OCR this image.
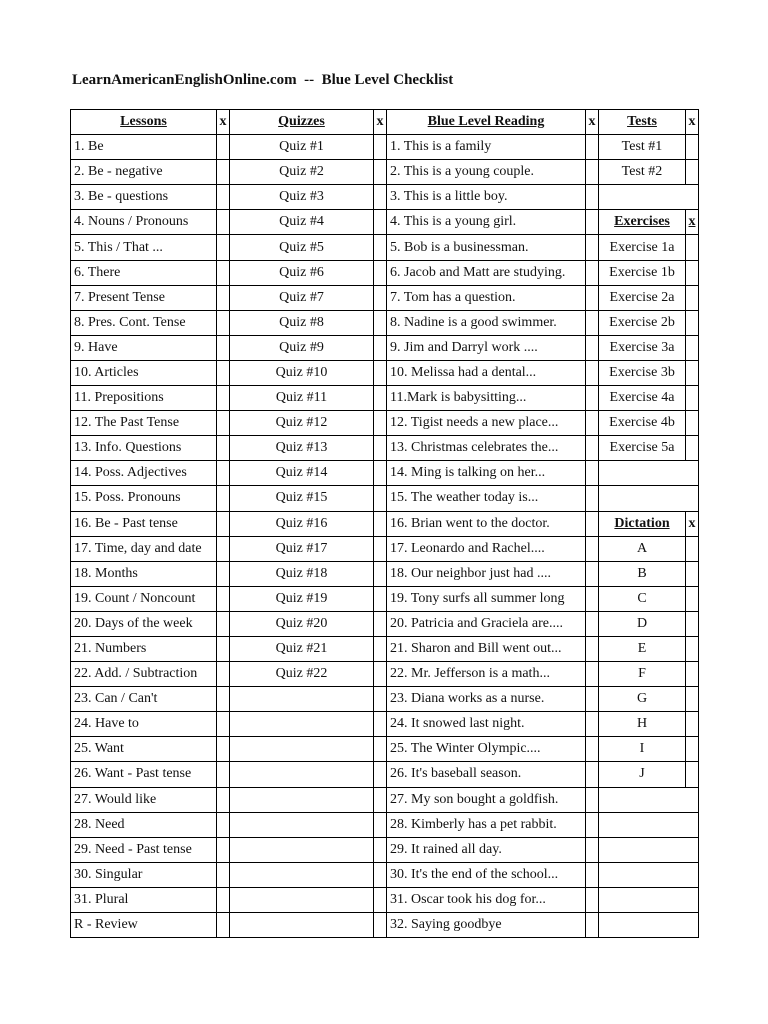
LearnAmericanEnglishOnline.com  --  Blue Level Checklist
Lessons	x	Quizzes	x	Blue Level Reading	x	Tests	x
1. Be		Quiz #1		1. This is a family		Test #1	
2. Be - negative		Quiz #2		2. This is a young couple.		Test #2	
3. Be - questions		Quiz #3		3. This is a little boy.			
4. Nouns / Pronouns		Quiz #4		4. This is a young girl.		Exercises	x
5. This / That ...		Quiz #5		5. Bob is a businessman.		Exercise 1a	
6. There		Quiz #6		6. Jacob and Matt are studying.		Exercise 1b	
7. Present Tense		Quiz #7		7. Tom has a question.		Exercise 2a	
8. Pres. Cont. Tense		Quiz #8		8. Nadine is a good swimmer.		Exercise 2b	
9. Have		Quiz #9		9. Jim and Darryl work ....		Exercise 3a	
10. Articles		Quiz #10		10. Melissa had a dental...		Exercise 3b	
11. Prepositions		Quiz #11		11.Mark is babysitting...		Exercise 4a	
12. The Past Tense		Quiz #12		12. Tigist needs a new place...		Exercise 4b	
13. Info. Questions		Quiz #13		13. Christmas celebrates the...		Exercise 5a	
14. Poss. Adjectives		Quiz #14		14. Ming is talking on her...			
15. Poss. Pronouns		Quiz #15		15. The weather today is...			
16. Be - Past tense		Quiz #16		16. Brian went to the doctor.		Dictation	x
17. Time, day and date		Quiz #17		17. Leonardo and Rachel....		A	
18. Months		Quiz #18		18. Our neighbor just had ....		B	
19. Count / Noncount		Quiz #19		19. Tony surfs all summer long		C	
20. Days of the week		Quiz #20		20. Patricia and Graciela are....		D	
21. Numbers		Quiz #21		21. Sharon and Bill went out...		E	
22. Add. / Subtraction		Quiz #22		22. Mr. Jefferson is a math...		F	
23. Can / Can't				23. Diana works as a nurse.		G	
24. Have to				24. It snowed last night.		H	
25. Want				25. The Winter Olympic....		I	
26. Want - Past tense				26. It's baseball season.		J	
27. Would like				27. My son bought a goldfish.			
28. Need				28. Kimberly has a pet rabbit.			
29. Need - Past tense				29. It rained all day.			
30. Singular				30. It's the end of the school...			
31. Plural				31. Oscar took his dog for...			
R - Review				32. Saying goodbye			
